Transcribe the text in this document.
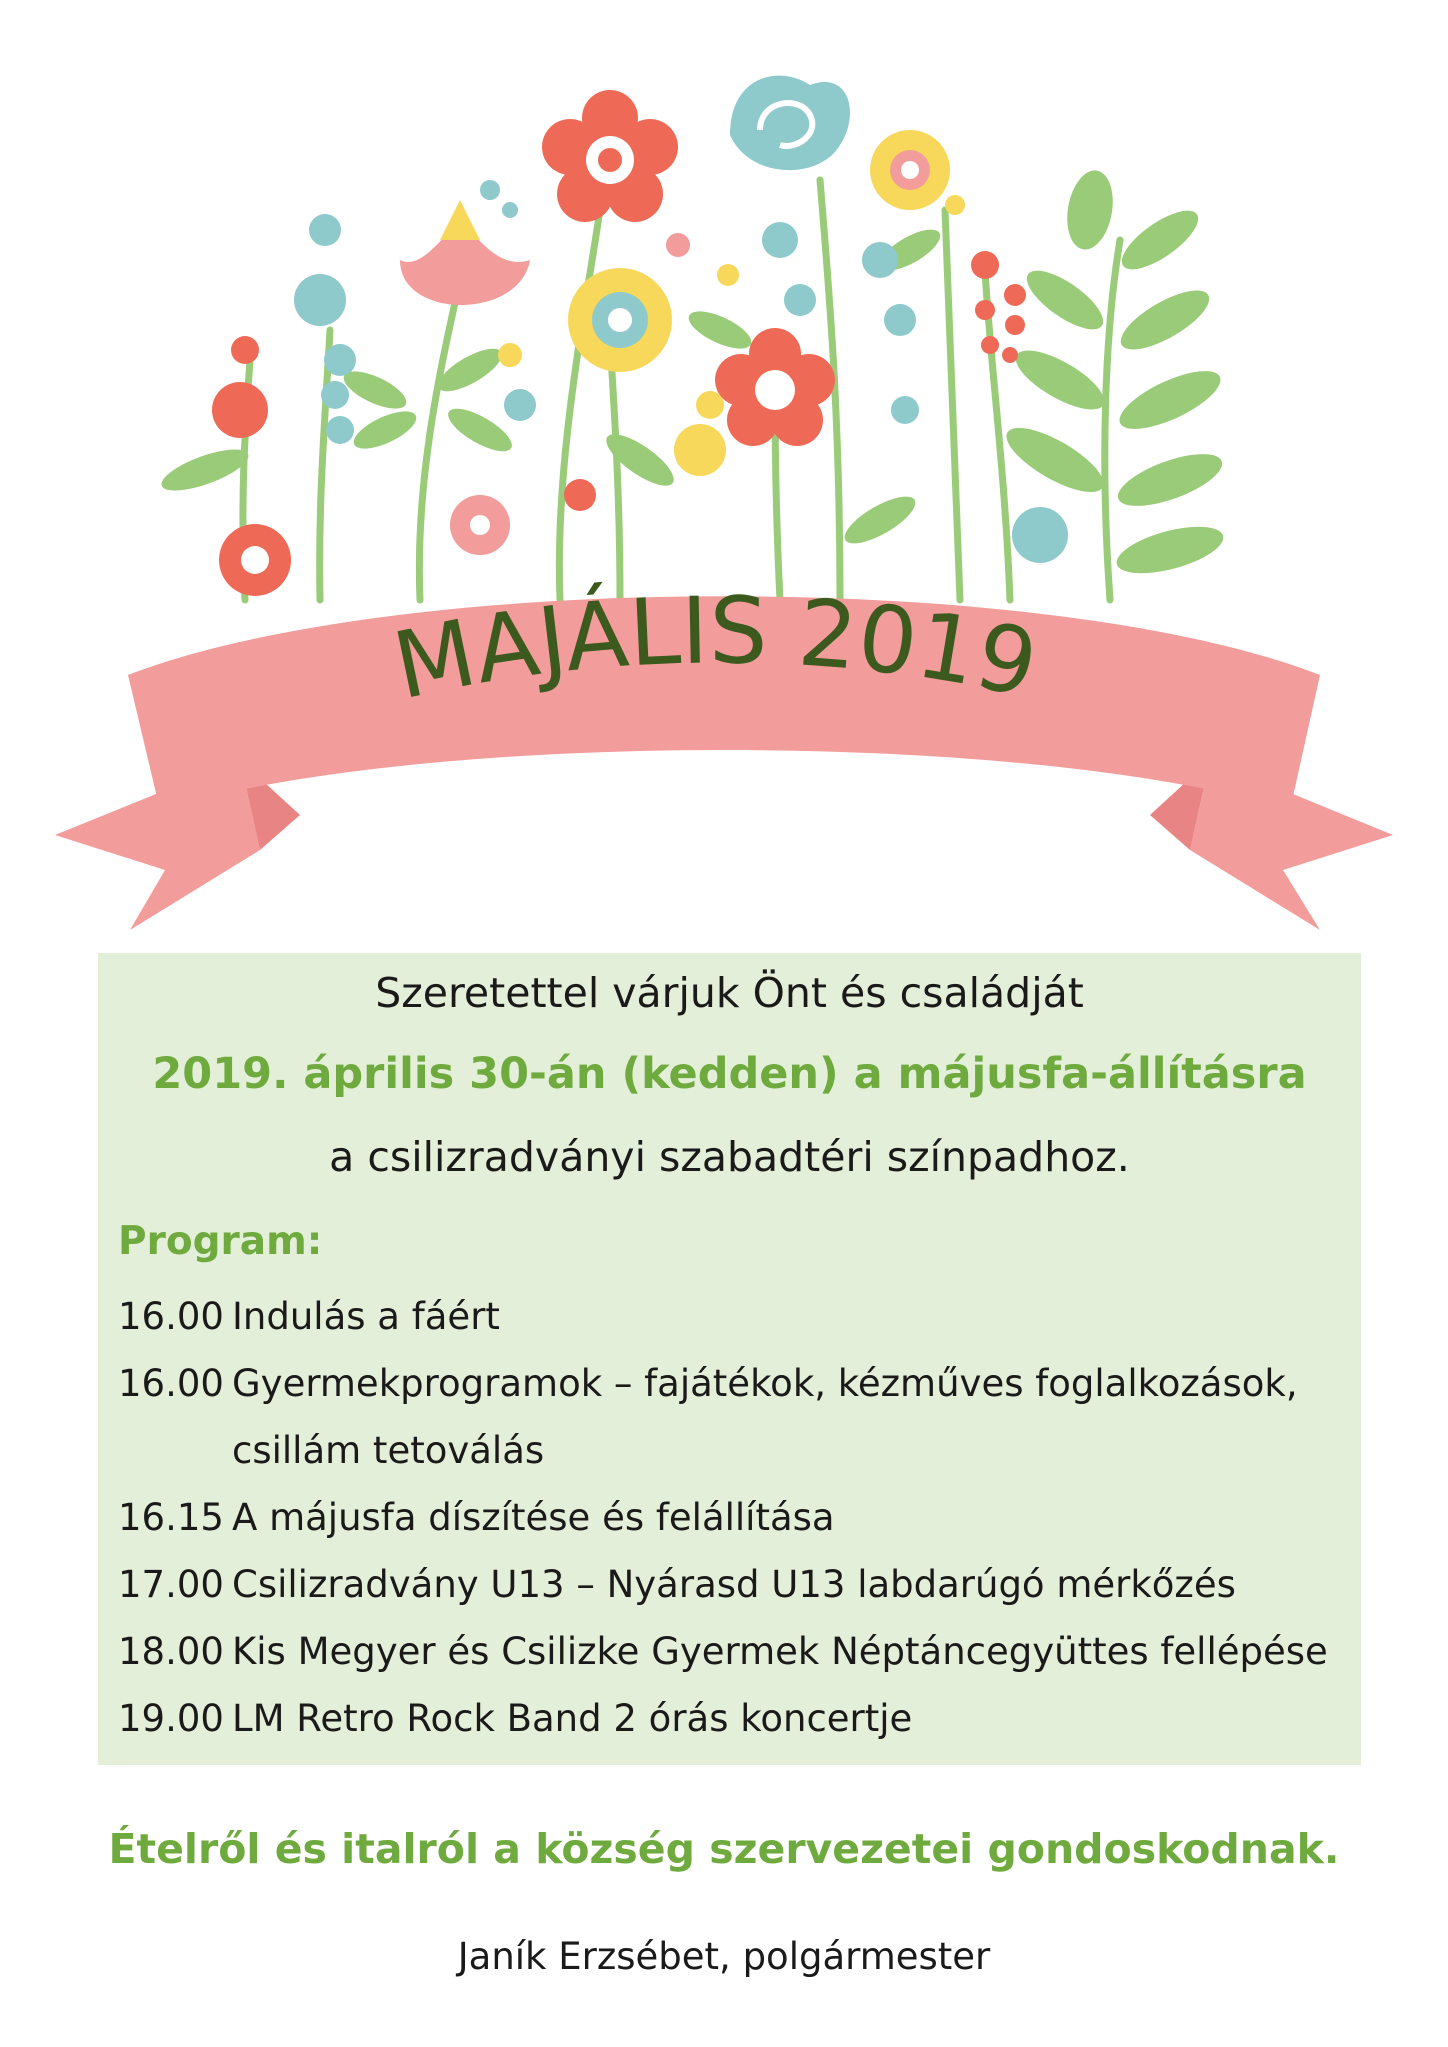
MAJÁLIS 2019
Szeretettel várjuk Önt és családját
2019. április 30-án (kedden) a májusfa-állításra
a csilizradványi szabadtéri színpadhoz.
Program:
16.00 Indulás a fáért
16.00 Gyermekprogramok – fajátékok, kézműves foglalkozások, csillám tetoválás
16.15 A májusfa díszítése és felállítása
17.00 Csilizradvány U13 – Nyárasd U13 labdarúgó mérkőzés
18.00 Kis Megyer és Csilizke Gyermek Néptáncegyüttes fellépése
19.00 LM Retro Rock Band 2 órás koncertje
Ételről és italról a község szervezetei gondoskodnak.
Janík Erzsébet, polgármester
